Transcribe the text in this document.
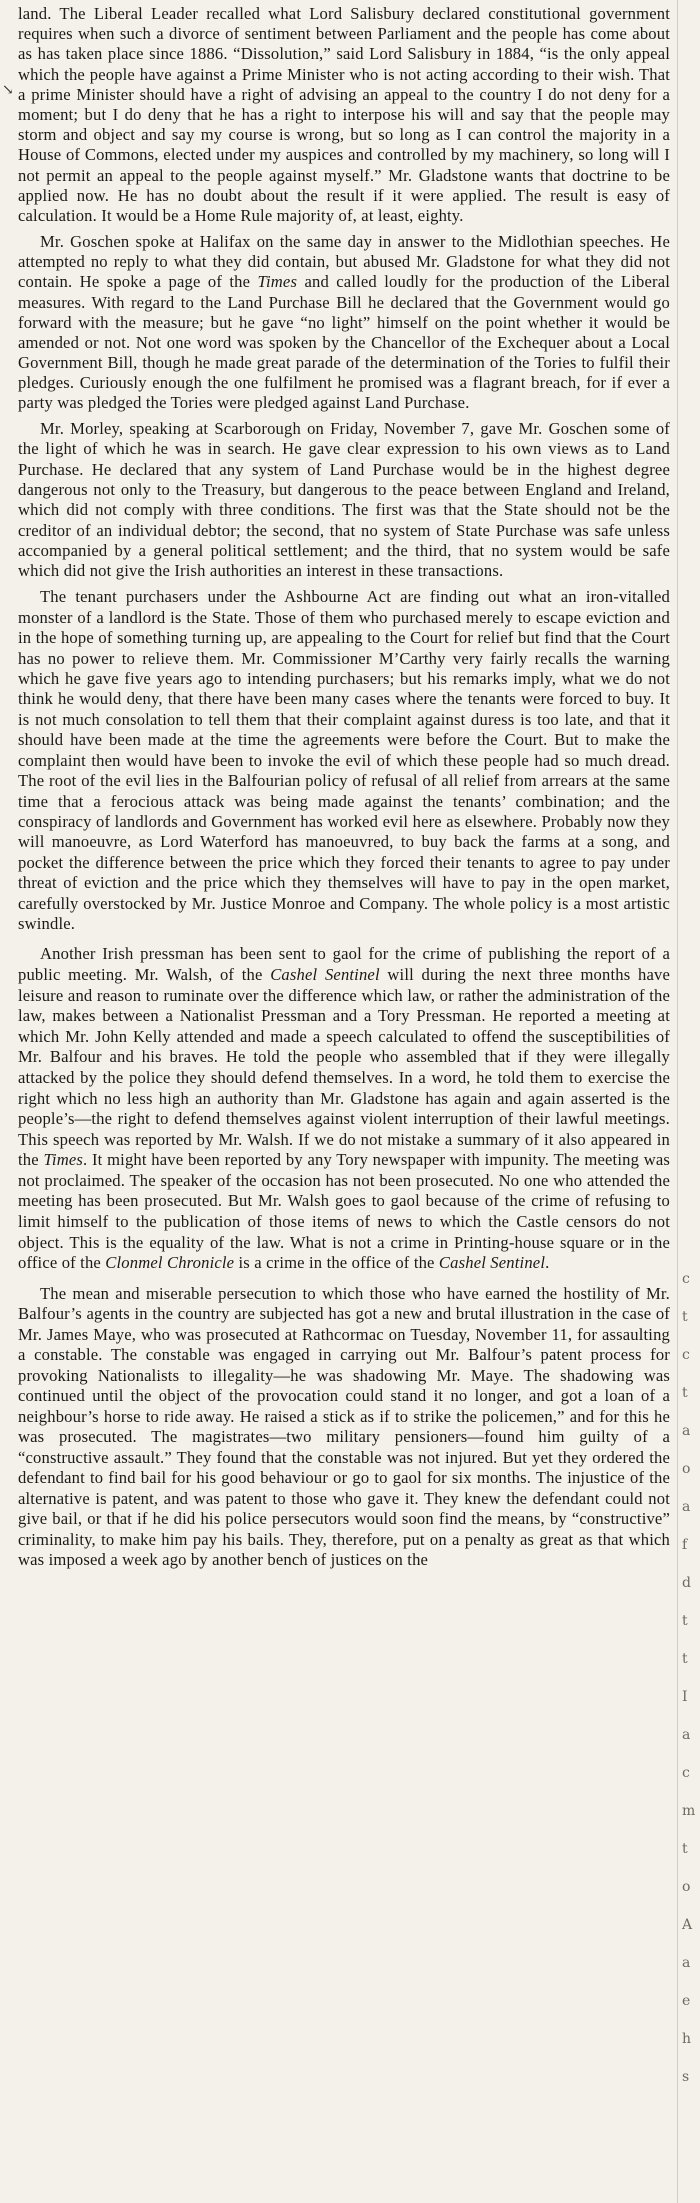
↘

land. The Liberal Leader recalled what Lord Salisbury declared constitutional government requires when such a divorce of sentiment between Parliament and the people has come about as has taken place since 1886. “Dissolution,” said Lord Salisbury in 1884, “is the only appeal which the people have against a Prime Minister who is not acting according to their wish. That a prime Minister should have a right of advising an appeal to the country I do not deny for a moment; but I do deny that he has a right to interpose his will and say that the people may storm and object and say my course is wrong, but so long as I can control the majority in a House of Commons, elected under my auspices and controlled by my machinery, so long will I not permit an appeal to the people against myself.” Mr. Gladstone wants that doctrine to be applied now. He has no doubt about the result if it were applied. The result is easy of calculation. It would be a Home Rule majority of, at least, eighty.

Mr. Goschen spoke at Halifax on the same day in answer to the Midlothian speeches. He attempted no reply to what they did contain, but abused Mr. Gladstone for what they did not contain. He spoke a page of the Times and called loudly for the production of the Liberal measures. With regard to the Land Purchase Bill he declared that the Government would go forward with the measure; but he gave “no light” himself on the point whether it would be amended or not. Not one word was spoken by the Chancellor of the Exchequer about a Local Government Bill, though he made great parade of the determination of the Tories to fulfil their pledges. Curiously enough the one fulfilment he promised was a flagrant breach, for if ever a party was pledged the Tories were pledged against Land Purchase.

Mr. Morley, speaking at Scarborough on Friday, November 7, gave Mr. Goschen some of the light of which he was in search. He gave clear expression to his own views as to Land Purchase. He declared that any system of Land Purchase would be in the highest degree dangerous not only to the Treasury, but dangerous to the peace between England and Ireland, which did not comply with three conditions. The first was that the State should not be the creditor of an individual debtor; the second, that no system of State Purchase was safe unless accompanied by a general political settlement; and the third, that no system would be safe which did not give the Irish authorities an interest in these transactions.

The tenant purchasers under the Ashbourne Act are finding out what an iron-vitalled monster of a landlord is the State. Those of them who purchased merely to escape eviction and in the hope of something turning up, are appealing to the Court for relief but find that the Court has no power to relieve them. Mr. Commissioner M’Carthy very fairly recalls the warning which he gave five years ago to intending purchasers; but his remarks imply, what we do not think he would deny, that there have been many cases where the tenants were forced to buy. It is not much consolation to tell them that their complaint against duress is too late, and that it should have been made at the time the agreements were before the Court. But to make the complaint then would have been to invoke the evil of which these people had so much dread. The root of the evil lies in the Balfourian policy of refusal of all relief from arrears at the same time that a ferocious attack was being made against the tenants’ combination; and the conspiracy of landlords and Government has worked evil here as elsewhere. Probably now they will manoeuvre, as Lord Waterford has manoeuvred, to buy back the farms at a song, and pocket the difference between the price which they forced their tenants to agree to pay under threat of eviction and the price which they themselves will have to pay in the open market, carefully overstocked by Mr. Justice Monroe and Company. The whole policy is a most artistic swindle.

Another Irish pressman has been sent to gaol for the crime of publishing the report of a public meeting. Mr. Walsh, of the Cashel Sentinel will during the next three months have leisure and reason to ruminate over the difference which law, or rather the administration of the law, makes between a Nationalist Pressman and a Tory Pressman. He reported a meeting at which Mr. John Kelly attended and made a speech calculated to offend the susceptibilities of Mr. Balfour and his braves. He told the people who assembled that if they were illegally attacked by the police they should defend themselves. In a word, he told them to exercise the right which no less high an authority than Mr. Gladstone has again and again asserted is the people’s—the right to defend themselves against violent interruption of their lawful meetings. This speech was reported by Mr. Walsh. If we do not mistake a summary of it also appeared in the Times. It might have been reported by any Tory newspaper with impunity. The meeting was not proclaimed. The speaker of the occasion has not been prosecuted. No one who attended the meeting has been prosecuted. But Mr. Walsh goes to gaol because of the crime of refusing to limit himself to the publication of those items of news to which the Castle censors do not object. This is the equality of the law. What is not a crime in Printing-house square or in the office of the Clonmel Chronicle is a crime in the office of the Cashel Sentinel.

The mean and miserable persecution to which those who have earned the hostility of Mr. Balfour’s agents in the country are subjected has got a new and brutal illustration in the case of Mr. James Maye, who was prosecuted at Rathcormac on Tuesday, November 11, for assaulting a constable. The constable was engaged in carrying out Mr. Balfour’s patent process for provoking Nationalists to illegality—he was shadowing Mr. Maye. The shadowing was continued until the object of the provocation could stand it no longer, and got a loan of a neighbour’s horse to ride away. He raised a stick as if to strike the policemen,” and for this he was prosecuted. The magistrates—two military pensioners—found him guilty of a “constructive assault.” They found that the constable was not injured. But yet they ordered the defendant to find bail for his good behaviour or go to gaol for six months. The injustice of the alternative is patent, and was patent to those who gave it. They knew the defendant could not give bail, or that if he did his police persecutors would soon find the means, by “constructive” criminality, to make him pay his bails. They, therefore, put on a penalty as great as that which was imposed a week ago by another bench of justices on the

c
t
c
t
a
o
a
f
d
t
t
I
a
c
m
t
o
A
a
e
h
s
